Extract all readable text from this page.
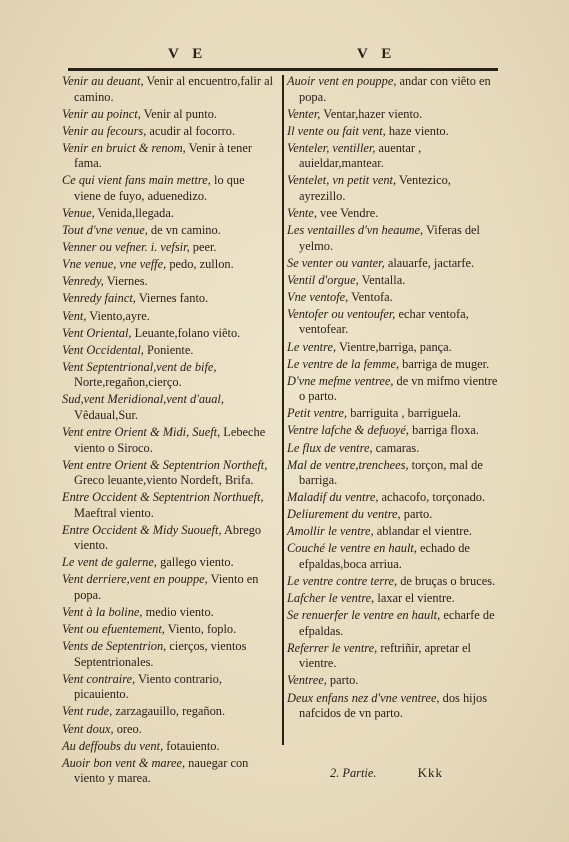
V E	V E

Venir au deuant, Venir al encuentro,falir al camino.

Venir au poinct, Venir al punto.

Venir au fecours, acudir al focorro.

Venir en bruict & renom, Venir à tener fama.

Ce qui vient fans main mettre, lo que viene de fuyo, aduenedizo.

Venue, Venida,llegada.

Tout d'vne venue, de vn camino.

Venner ou vefner. i. vefsir, peer.

Vne venue, vne veffe, pedo, zullon.

Venredy, Viernes.

Venredy fainct, Viernes fanto.

Vent, Viento,ayre.

Vent Oriental, Leuante,folano viêto.

Vent Occidental, Poniente.

Vent Septentrional,vent de bife, Norte,regañon,cierço.

Sud,vent Meridional,vent d'aual, Vêdaual,Sur.

Vent entre Orient & Midi, Sueft, Lebeche viento o Siroco.

Vent entre Orient & Septentrion Northeft, Greco leuante,viento Nordeft, Brifa.

Entre Occident & Septentrion Northueft, Maeftral viento.

Entre Occident & Midy Suoueft, Abrego viento.

Le vent de galerne, gallego viento.

Vent derriere,vent en pouppe, Viento en popa.

Vent à la boline, medio viento.

Vent ou efuentement, Viento, foplo.

Vents de Septentrion, cierços, vientos Septentrionales.

Vent contraire, Viento contrario, picauiento.

Vent rude, zarzagauillo, regañon.

Vent doux, oreo.

Au deffoubs du vent, fotauiento.

Auoir bon vent & maree, nauegar con viento y marea.

Auoir vent en pouppe, andar con viêto en popa.

Venter, Ventar,hazer viento.

Il vente ou fait vent, haze viento.

Venteler, ventiller, auentar , auieldar,mantear.

Ventelet, vn petit vent, Ventezico, ayrezillo.

Vente, vee Vendre.

Les ventailles d'vn heaume, Viferas del yelmo.

Se venter ou vanter, alauarfe, jactarfe.

Ventil d'orgue, Ventalla.

Vne ventofe, Ventofa.

Ventofer ou ventoufer, echar ventofa, ventofear.

Le ventre, Vientre,barriga, pança.

Le ventre de la femme, barriga de muger.

D'vne mefme ventree, de vn mifmo vientre o parto.

Petit ventre, barriguita , barriguela.

Ventre lafche & defuoyé, barriga floxa.

Le flux de ventre, camaras.

Mal de ventre,trenchees, torçon, mal de barriga.

Maladif du ventre, achacofo, torçonado.

Deliurement du ventre, parto.

Amollir le ventre, ablandar el vientre.

Couché le ventre en hault, echado de efpaldas,boca arriua.

Le ventre contre terre, de bruças o bruces.

Lafcher le ventre, laxar el vientre.

Se renuerfer le ventre en hault, echarfe de efpaldas.

Referrer le ventre, reftriñir, apretar el vientre.

Ventree, parto.

Deux enfans nez d'vne ventree, dos hijos nafcidos de vn parto.

2. Partie.	Kkk
